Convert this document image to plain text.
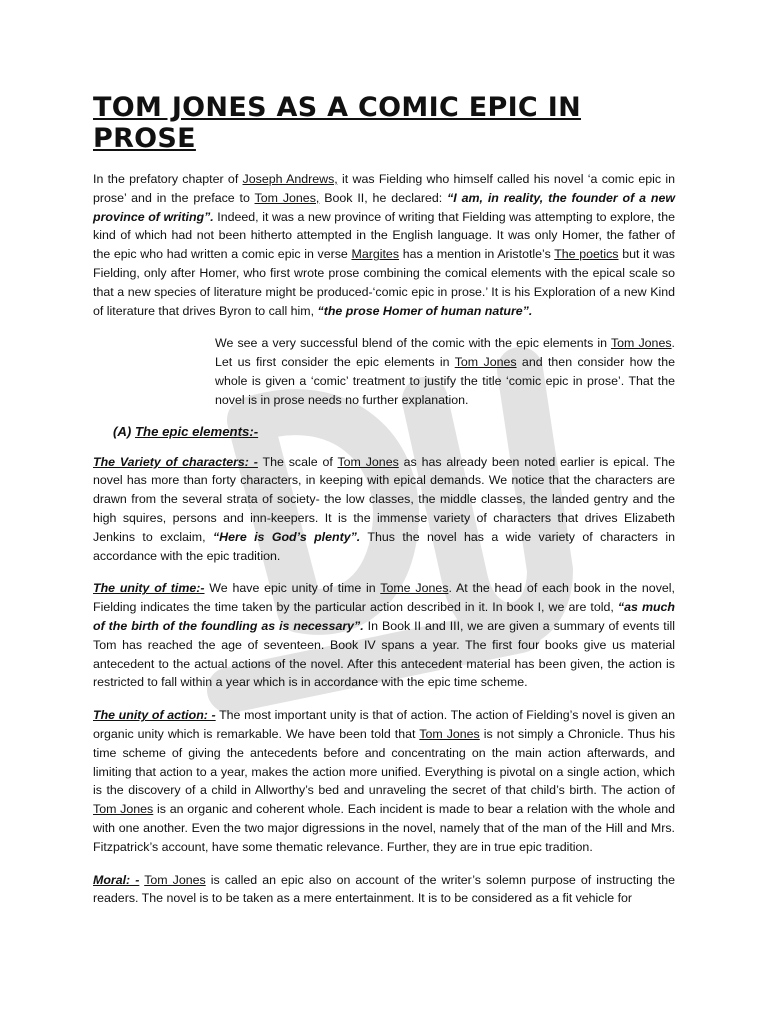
TOM JONES AS A COMIC EPIC IN PROSE

In the prefatory chapter of Joseph Andrews, it was Fielding who himself called his novel ‘a comic epic in prose’ and in the preface to Tom Jones, Book II, he declared: “I am, in reality, the founder of a new province of writing”. Indeed, it was a new province of writing that Fielding was attempting to explore, the kind of which had not been hitherto attempted in the English language. It was only Homer, the father of the epic who had written a comic epic in verse Margites has a mention in Aristotle’s The poetics but it was Fielding, only after Homer, who first wrote prose combining the comical elements with the epical scale so that a new species of literature might be produced-‘comic epic in prose.’ It is his Exploration of a new Kind of literature that drives Byron to call him, “the prose Homer of human nature”.

We see a very successful blend of the comic with the epic elements in Tom Jones. Let us first consider the epic elements in Tom Jones and then consider how the whole is given a ‘comic’ treatment to justify the title ‘comic epic in prose’. That the novel is in prose needs no further explanation.

(A) The epic elements:-

The Variety of characters: - The scale of Tom Jones as has already been noted earlier is epical. The novel has more than forty characters, in keeping with epical demands. We notice that the characters are drawn from the several strata of society- the low classes, the middle classes, the landed gentry and the high squires, persons and inn-keepers. It is the immense variety of characters that drives Elizabeth Jenkins to exclaim, “Here is God’s plenty”. Thus the novel has a wide variety of characters in accordance with the epic tradition.

The unity of time:- We have epic unity of time in Tome Jones. At the head of each book in the novel, Fielding indicates the time taken by the particular action described in it. In book I, we are told, “as much of the birth of the foundling as is necessary”. In Book II and III, we are given a summary of events till Tom has reached the age of seventeen. Book IV spans a year. The first four books give us material antecedent to the actual actions of the novel. After this antecedent material has been given, the action is restricted to fall within a year which is in accordance with the epic time scheme.

The unity of action: - The most important unity is that of action. The action of Fielding’s novel is given an organic unity which is remarkable. We have been told that Tom Jones is not simply a Chronicle. Thus his time scheme of giving the antecedents before and concentrating on the main action afterwards, and limiting that action to a year, makes the action more unified. Everything is pivotal on a single action, which is the discovery of a child in Allworthy’s bed and unraveling the secret of that child’s birth. The action of Tom Jones is an organic and coherent whole. Each incident is made to bear a relation with the whole and with one another. Even the two major digressions in the novel, namely that of the man of the Hill and Mrs. Fitzpatrick’s account, have some thematic relevance. Further, they are in true epic tradition.

Moral: - Tom Jones is called an epic also on account of the writer’s solemn purpose of instructing the readers. The novel is to be taken as a mere entertainment. It is to be considered as a fit vehicle for
